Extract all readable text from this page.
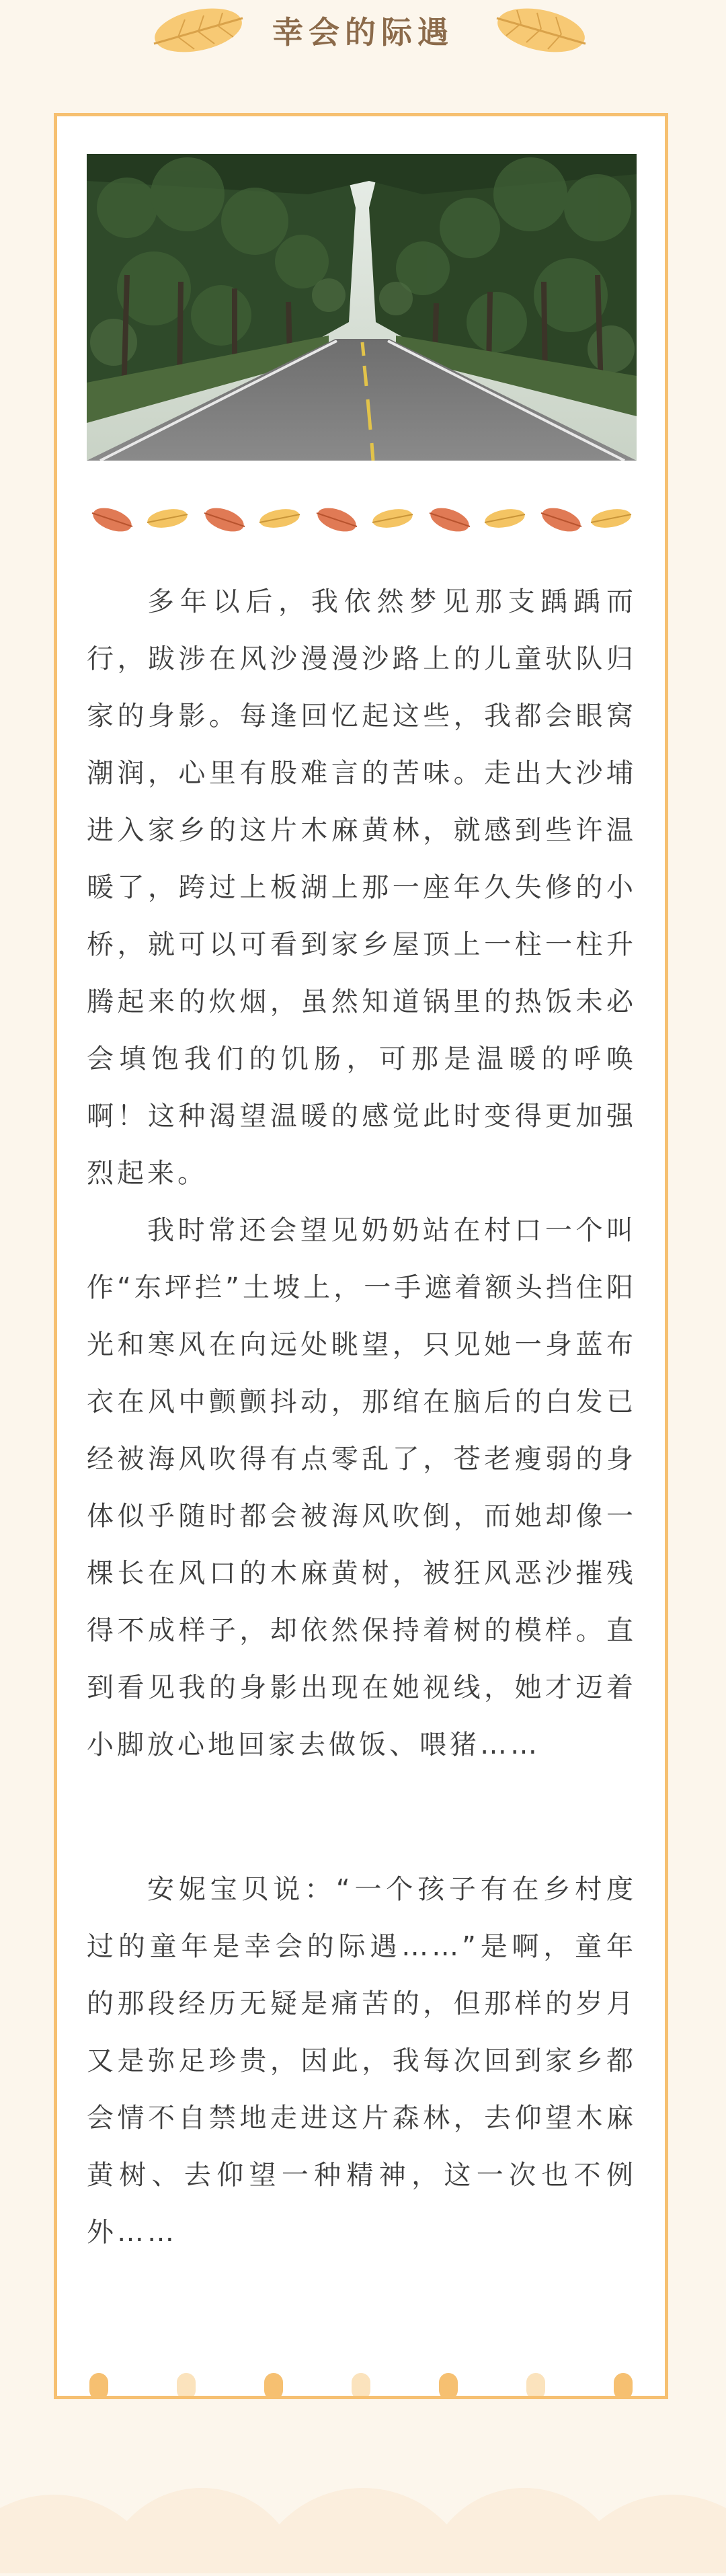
幸会的际遇

多年以后，我依然梦见那支踽踽而行，跋涉在风沙漫漫沙路上的儿童驮队归家的身影。每逢回忆起这些，我都会眼窝潮润，心里有股难言的苦味。走出大沙埔进入家乡的这片木麻黄林，就感到些许温暖了，跨过上板湖上那一座年久失修的小桥，就可以可看到家乡屋顶上一柱一柱升腾起来的炊烟，虽然知道锅里的热饭未必会填饱我们的饥肠，可那是温暖的呼唤啊！这种渴望温暖的感觉此时变得更加强烈起来。

我时常还会望见奶奶站在村口一个叫作“东坪拦”土坡上，一手遮着额头挡住阳光和寒风在向远处眺望，只见她一身蓝布衣在风中颤颤抖动，那绾在脑后的白发已经被海风吹得有点零乱了，苍老瘦弱的身体似乎随时都会被海风吹倒，而她却像一棵长在风口的木麻黄树，被狂风恶沙摧残得不成样子，却依然保持着树的模样。直到看见我的身影出现在她视线，她才迈着小脚放心地回家去做饭、喂猪……

安妮宝贝说：“一个孩子有在乡村度过的童年是幸会的际遇……”是啊，童年的那段经历无疑是痛苦的，但那样的岁月又是弥足珍贵，因此，我每次回到家乡都会情不自禁地走进这片森林，去仰望木麻黄树、去仰望一种精神，这一次也不例外……
